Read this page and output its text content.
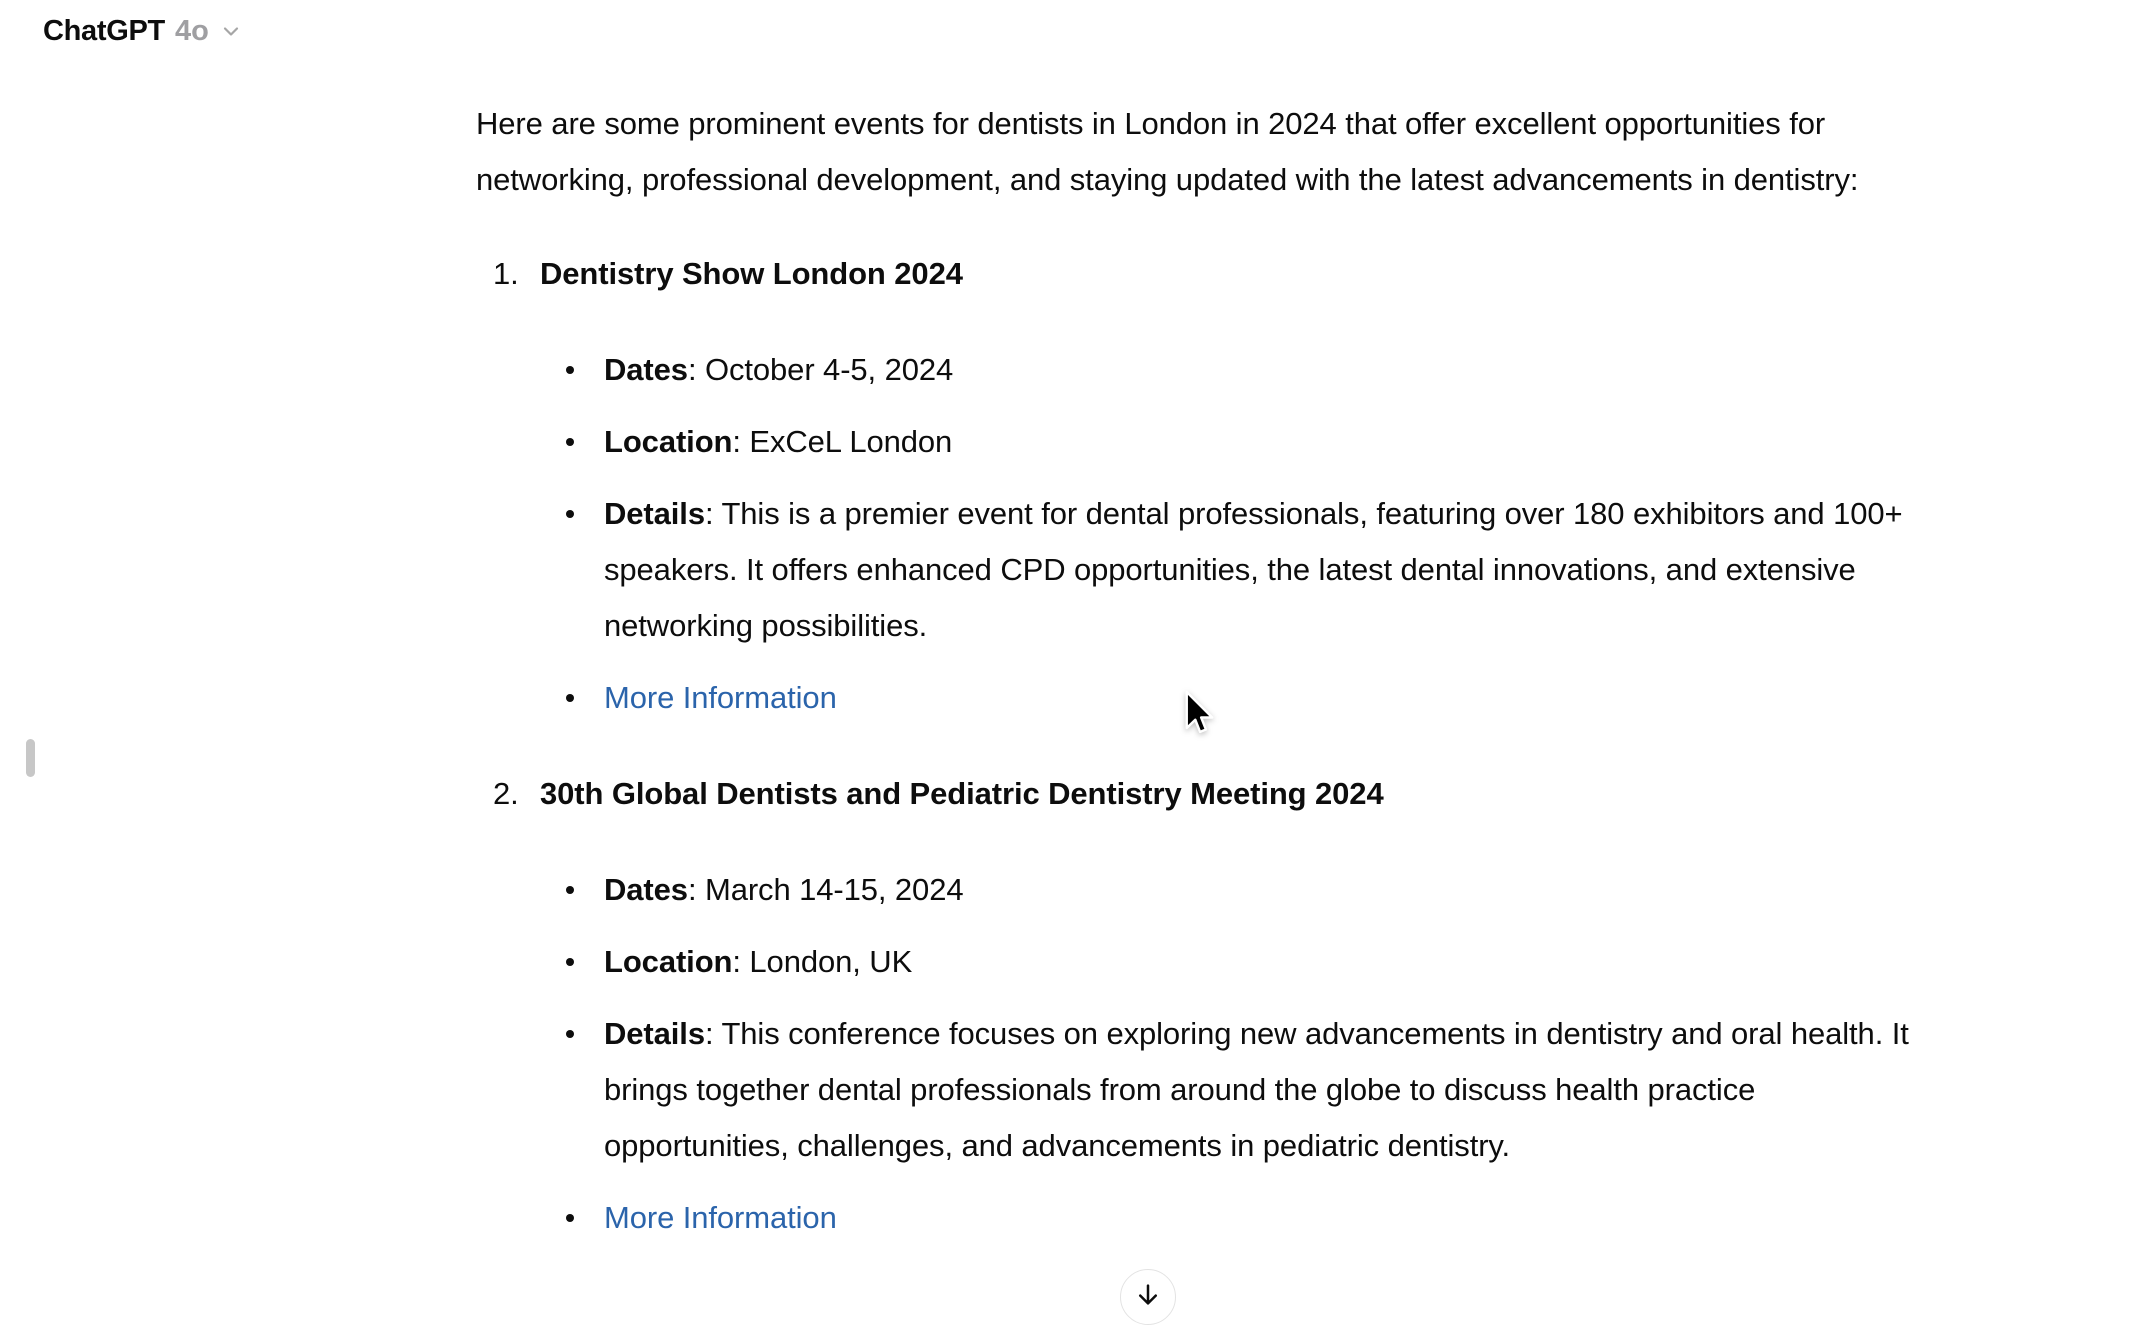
ChatGPT 4o

Here are some prominent events for dentists in London in 2024 that offer excellent opportunities for networking, professional development, and staying updated with the latest advancements in dentistry:

1. Dentistry Show London 2024
Dates: October 4-5, 2024
Location: ExCeL London
Details: This is a premier event for dental professionals, featuring over 180 exhibitors and 100+ speakers. It offers enhanced CPD opportunities, the latest dental innovations, and extensive networking possibilities.
More Information
2. 30th Global Dentists and Pediatric Dentistry Meeting 2024
Dates: March 14-15, 2024
Location: London, UK
Details: This conference focuses on exploring new advancements in dentistry and oral health. It brings together dental professionals from around the globe to discuss health practice opportunities, challenges, and advancements in pediatric dentistry.
More Information
